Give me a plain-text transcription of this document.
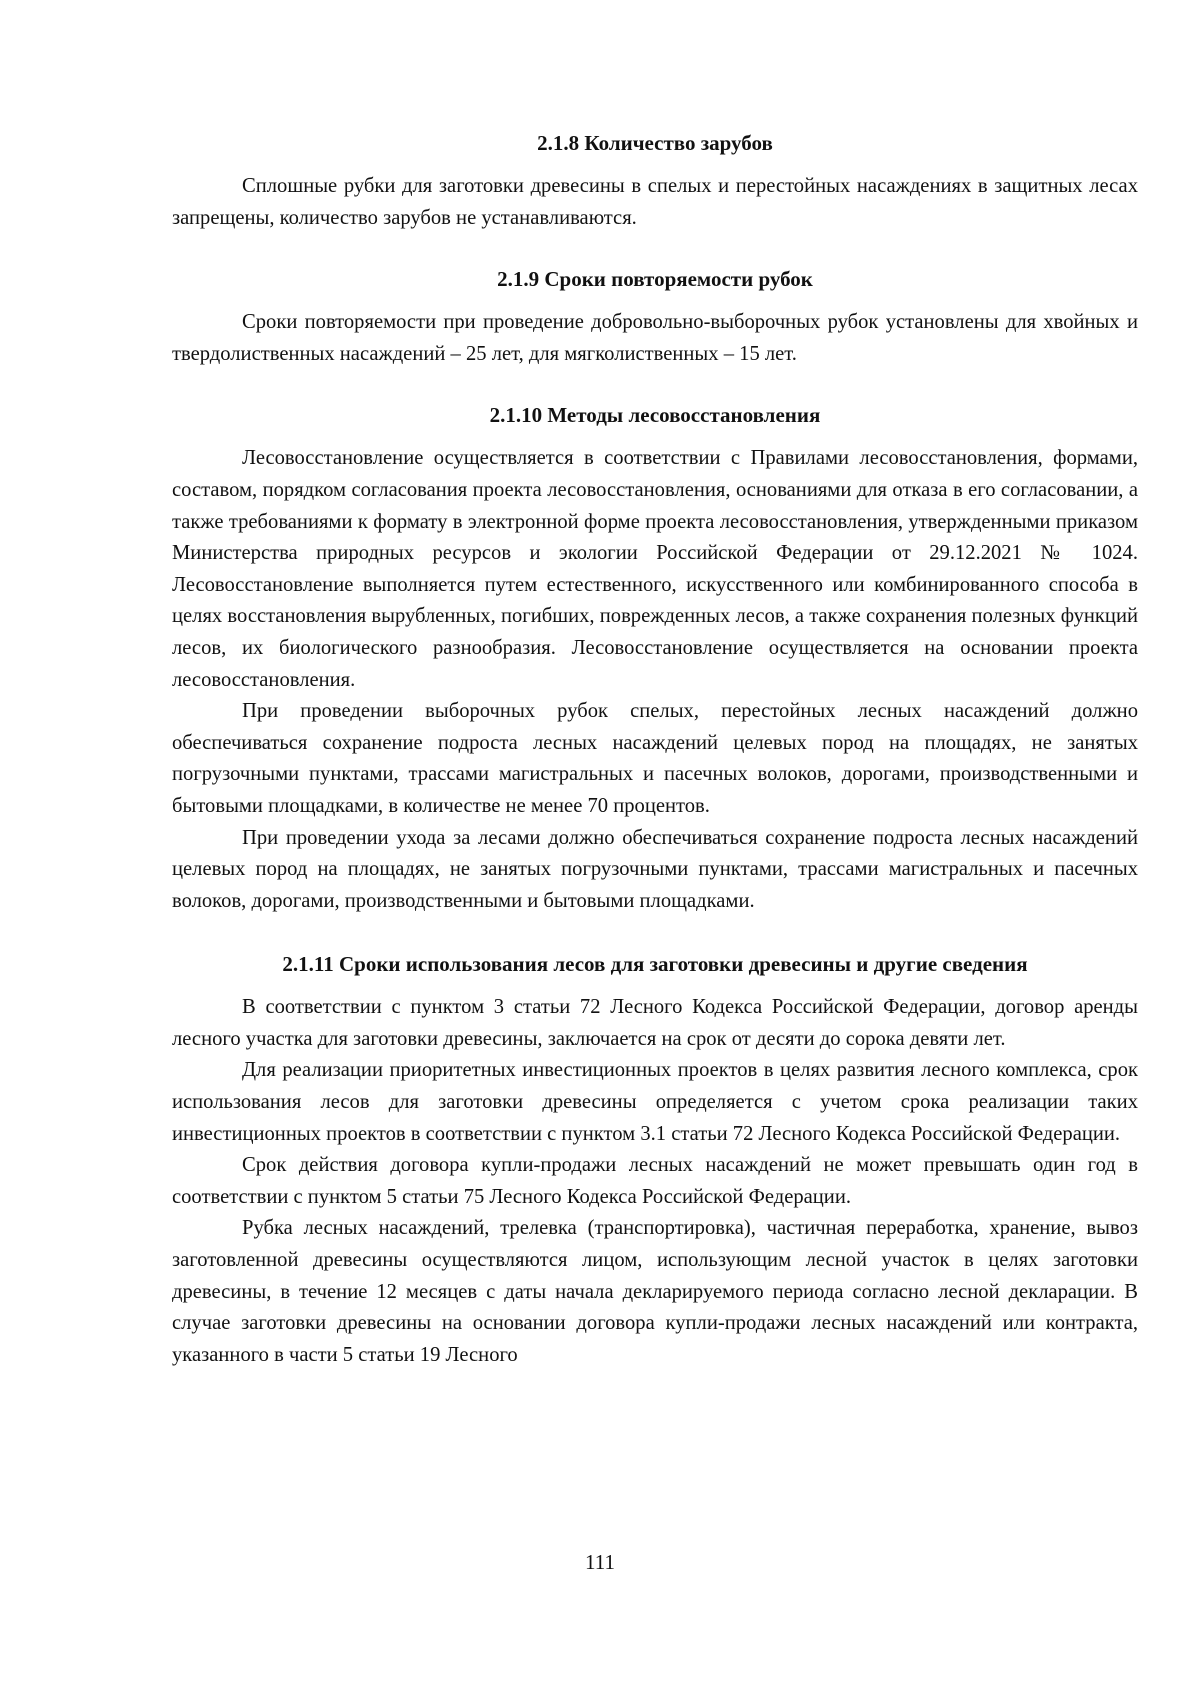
2.1.8 Количество зарубов

Сплошные рубки для заготовки древесины в спелых и перестойных насаждениях в защитных лесах запрещены, количество зарубов не устанавливаются.

2.1.9 Сроки повторяемости рубок

Сроки повторяемости при проведение добровольно-выборочных рубок установлены для хвойных и твердолиственных насаждений – 25 лет, для мягколиственных – 15 лет.

2.1.10 Методы лесовосстановления

Лесовосстановление осуществляется в соответствии с Правилами лесовосстановления, формами, составом, порядком согласования проекта лесовосстановления, основаниями для отказа в его согласовании, а также требованиями к формату в электронной форме проекта лесовосстановления, утвержденными приказом Министерства природных ресурсов и экологии Российской Федерации от 29.12.2021 № 1024. Лесовосстановление выполняется путем естественного, искусственного или комбинированного способа в целях восстановления вырубленных, погибших, поврежденных лесов, а также сохранения полезных функций лесов, их биологического разнообразия. Лесовосстановление осуществляется на основании проекта лесовосстановления.

При проведении выборочных рубок спелых, перестойных лесных насаждений должно обеспечиваться сохранение подроста лесных насаждений целевых пород на площадях, не занятых погрузочными пунктами, трассами магистральных и пасечных волоков, дорогами, производственными и бытовыми площадками, в количестве не менее 70 процентов.

При проведении ухода за лесами должно обеспечиваться сохранение подроста лесных насаждений целевых пород на площадях, не занятых погрузочными пунктами, трассами магистральных и пасечных волоков, дорогами, производственными и бытовыми площадками.

2.1.11 Сроки использования лесов для заготовки древесины и другие сведения

В соответствии с пунктом 3 статьи 72 Лесного Кодекса Российской Федерации, договор аренды лесного участка для заготовки древесины, заключается на срок от десяти до сорока девяти лет.

Для реализации приоритетных инвестиционных проектов в целях развития лесного комплекса, срок использования лесов для заготовки древесины определяется с учетом срока реализации таких инвестиционных проектов в соответствии с пунктом 3.1 статьи 72 Лесного Кодекса Российской Федерации.

Срок действия договора купли-продажи лесных насаждений не может превышать один год в соответствии с пунктом 5 статьи 75 Лесного Кодекса Российской Федерации.

Рубка лесных насаждений, трелевка (транспортировка), частичная переработка, хранение, вывоз заготовленной древесины осуществляются лицом, использующим лесной участок в целях заготовки древесины, в течение 12 месяцев с даты начала декларируемого периода согласно лесной декларации. В случае заготовки древесины на основании договора купли-продажи лесных насаждений или контракта, указанного в части 5 статьи 19 Лесного

111
